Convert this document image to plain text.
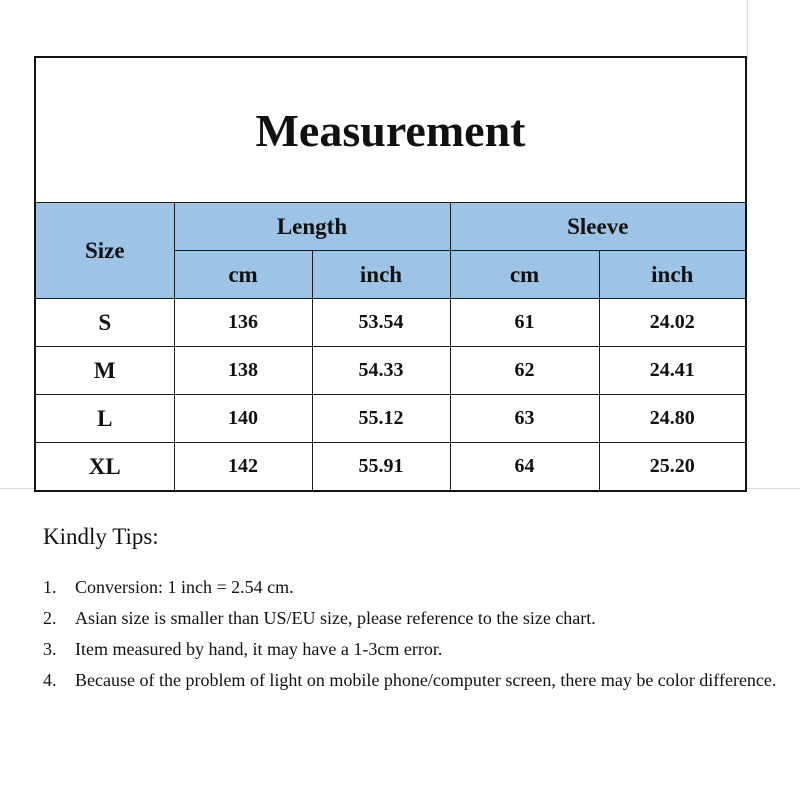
Measurement				
Size	Length		Sleeve	
	cm	inch	cm	inch
S	136	53.54	61	24.02
M	138	54.33	62	24.41
L	140	55.12	63	24.80
XL	142	55.91	64	25.20
Kindly Tips:
1.	Conversion: 1 inch = 2.54 cm.
2.	Asian size is smaller than US/EU size, please reference to the size chart.
3.	Item measured by hand, it may have a 1-3cm error.
4.	Because of the problem of light on mobile phone/computer screen, there may be color difference.
